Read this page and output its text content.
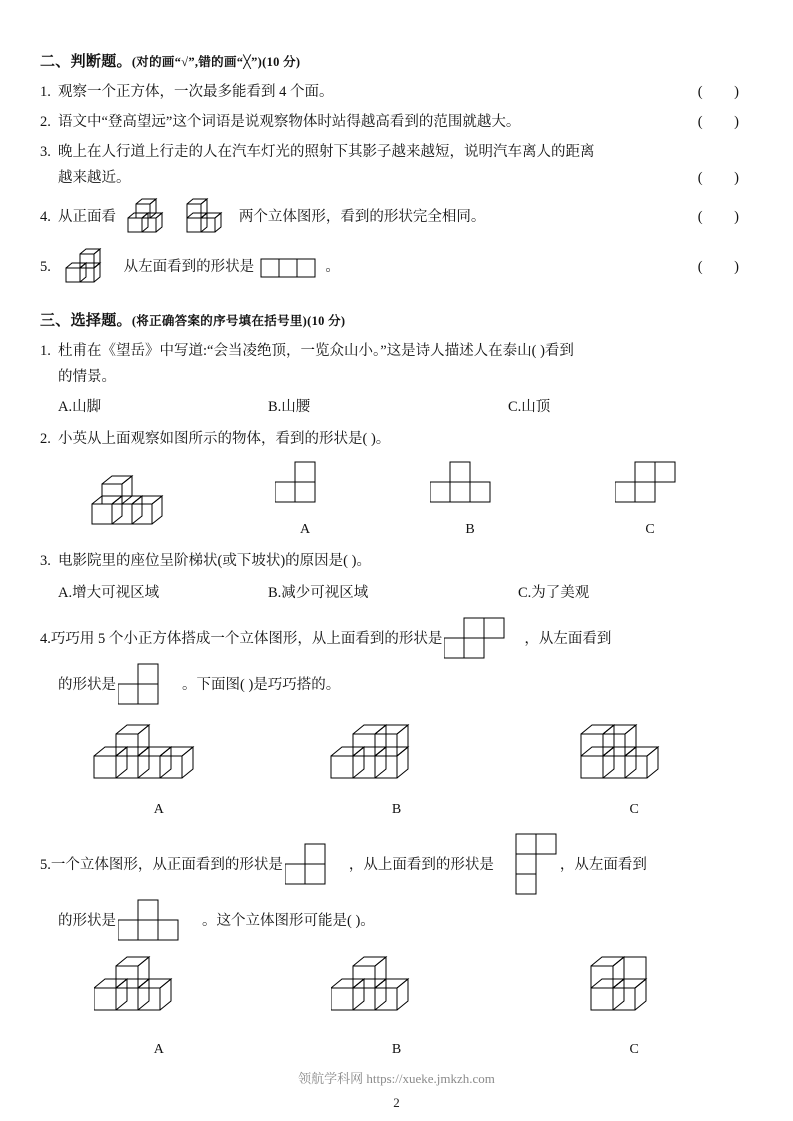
二、判断题。(对的画“√”,错的画“╳”)(10 分)
1.	( )
观察一个正方体，一次最多能看到 4 个面。
2.	( )
语文中“登高望远”这个词语是说观察物体时站得越高看到的范围就越大。
3. 晚上在人行道上行走的人在汽车灯光的照射下其影子越来越短，说明汽车离人的距离
( )
越来越近。
4.	( )
从正面看
	两个立体图形，看到的形状完全相同。
5.	( )
从左面看到的形状是	。
三、选择题。(将正确答案的序号填在括号里)(10 分)
1. 杜甫在《望岳》中写道:“会当凌绝顶，一览众山小。”这是诗人描述人在泰山( )看到
的情景。
A.山脚	B.山腰	C.山顶
2. 小英从上面观察如图所示的物体，看到的形状是( )。
A	B	C
3. 电影院里的座位呈阶梯状(或下坡状)的原因是( )。
A.增大可视区域	B.减少可视区域	C.为了美观
4. 巧巧用 5 个小正方体搭成一个立体图形，从上面看到的形状是	，从左面看到
的形状是	。下面图( )是巧巧搭的。
A	B	C
5. 一个立体图形，从正面看到的形状是	，从上面看到的形状是	，从左面看到
的形状是	。这个立体图形可能是( )。
A	B	C
领航学科网 https://xueke.jmkzh.com
2
